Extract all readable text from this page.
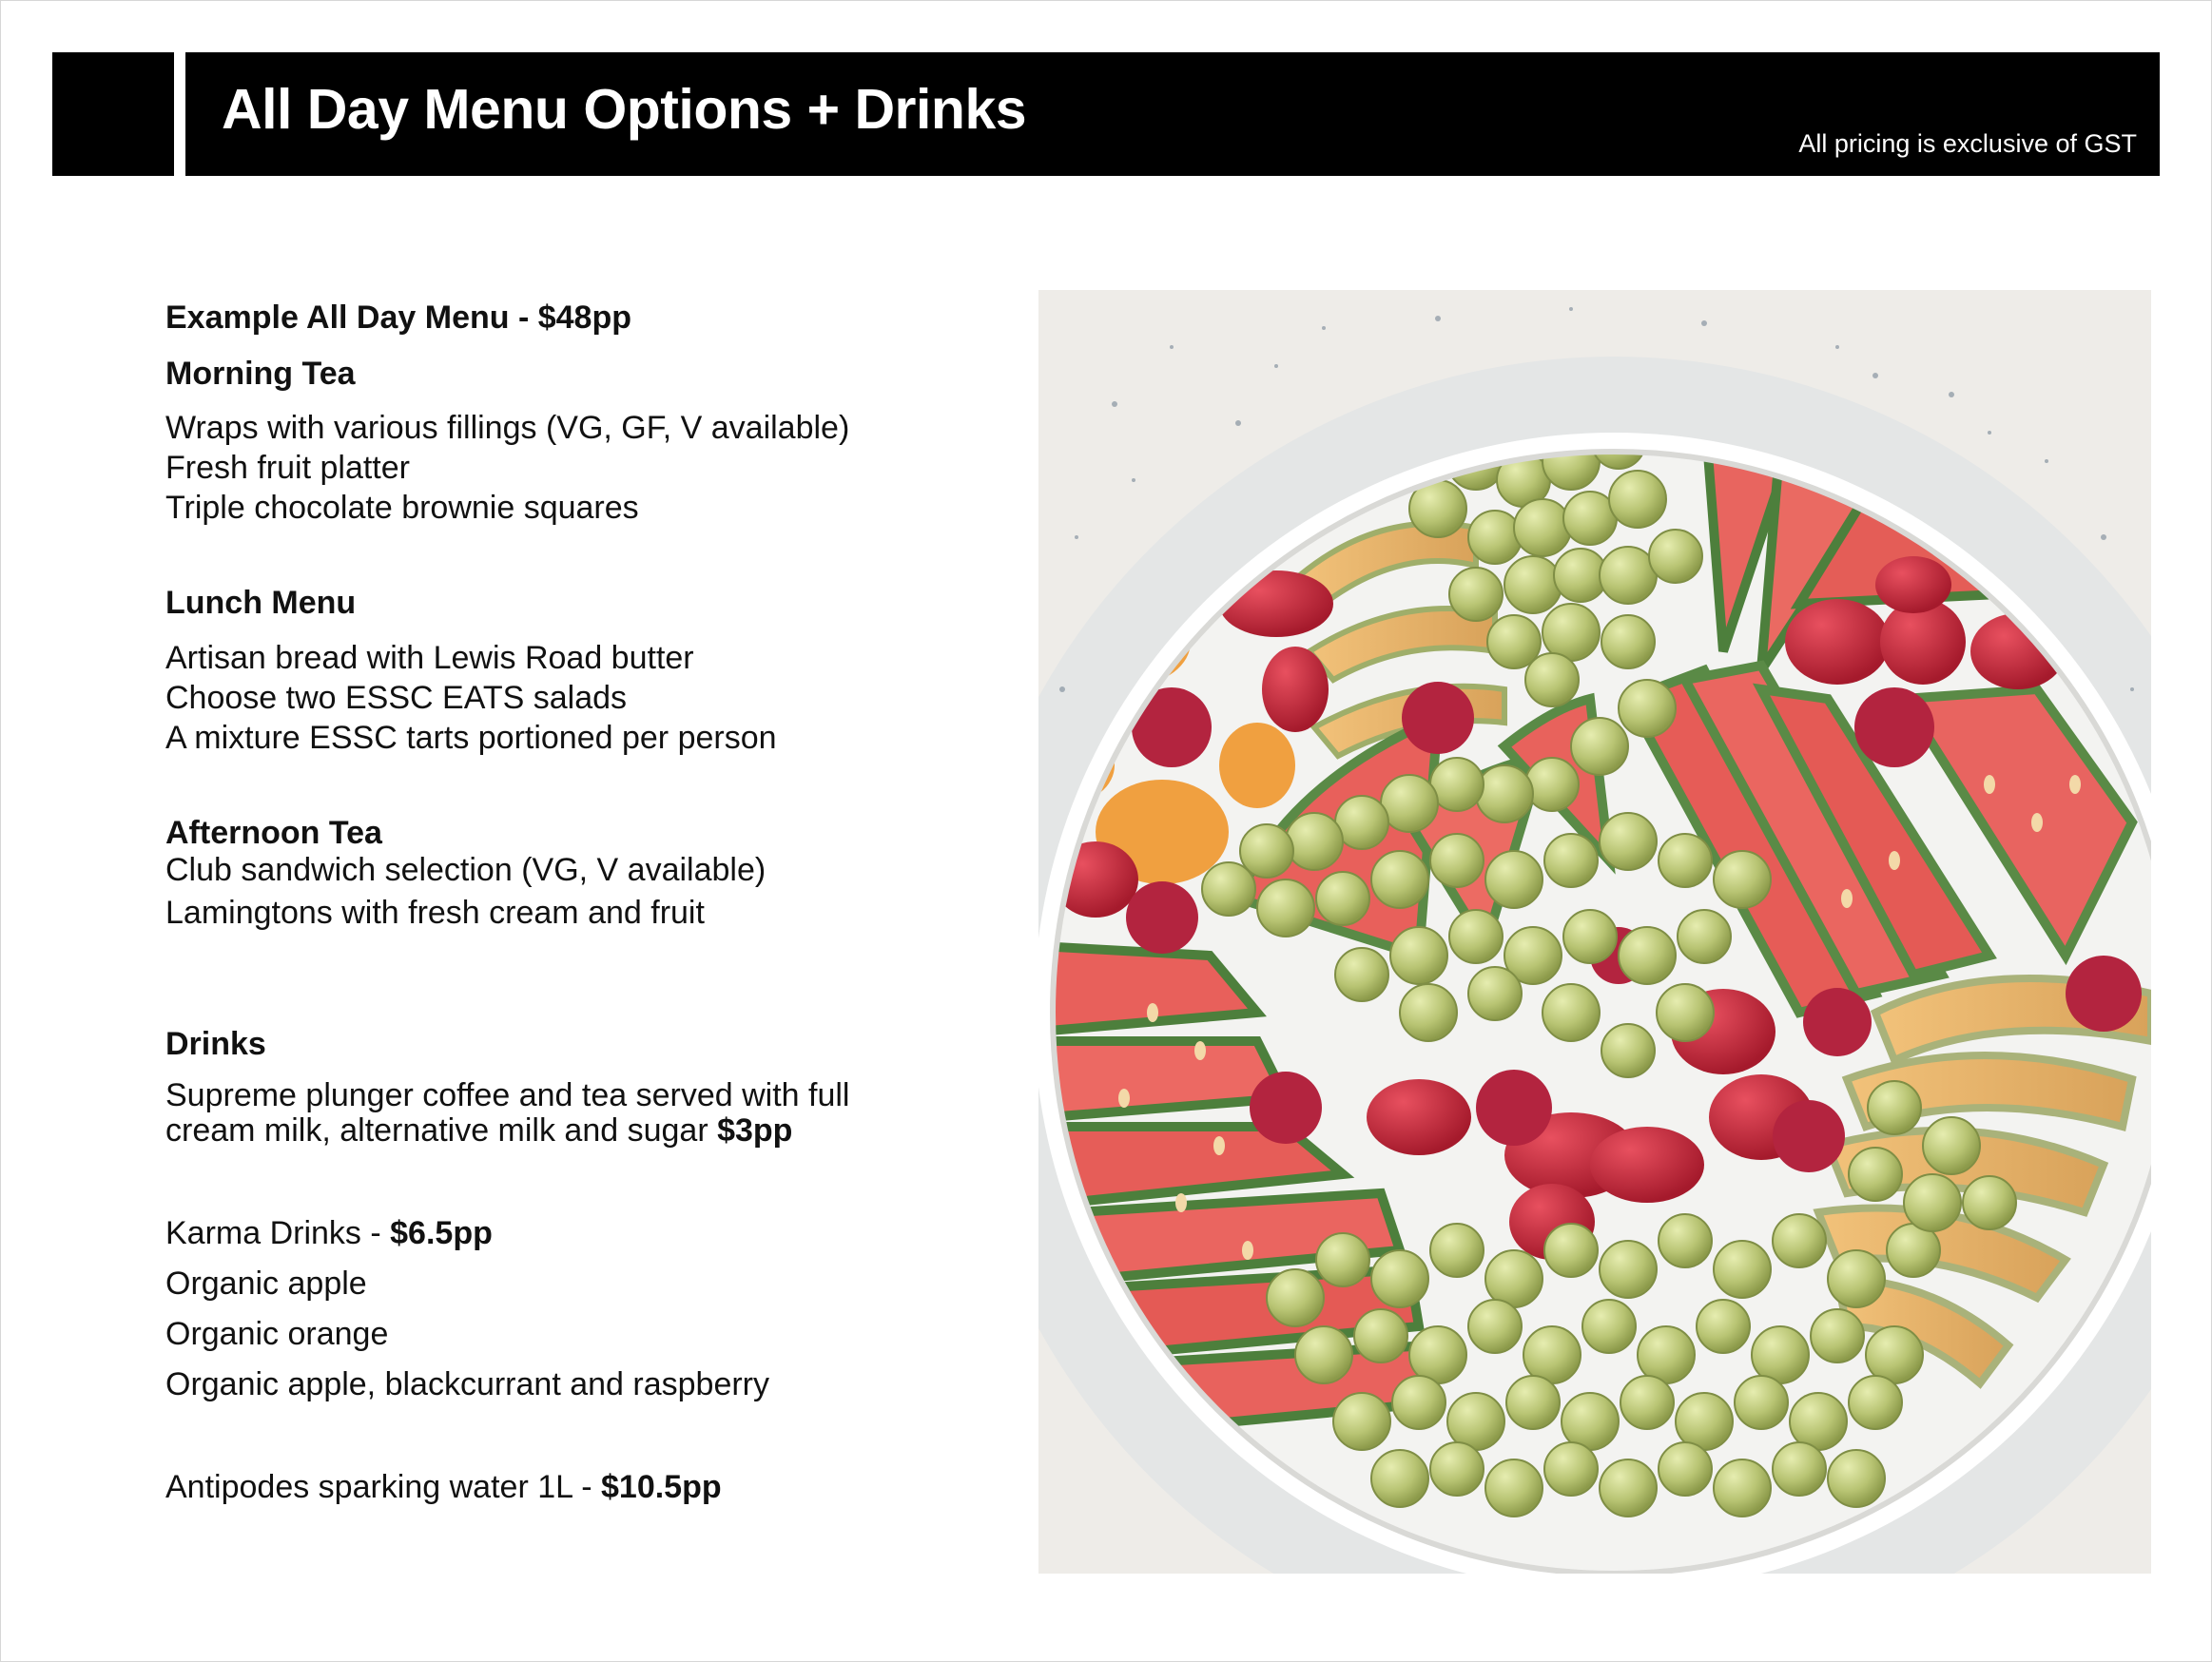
All Day Menu Options + Drinks
All pricing is exclusive of GST
Example All Day Menu - $48pp
Morning Tea
Wraps with various fillings (VG, GF, V available)
Fresh fruit platter
Triple chocolate brownie squares
Lunch Menu
Artisan bread with Lewis Road butter
Choose two ESSC EATS salads
A mixture ESSC tarts portioned per person
Afternoon Tea
Club sandwich selection (VG, V available)
Lamingtons with fresh cream and fruit
Drinks
Supreme plunger coffee and tea served with full
cream milk, alternative milk and sugar $3pp
Karma Drinks - $6.5pp
Organic apple
Organic orange
Organic apple, blackcurrant and raspberry
Antipodes sparking water 1L - $10.5pp
